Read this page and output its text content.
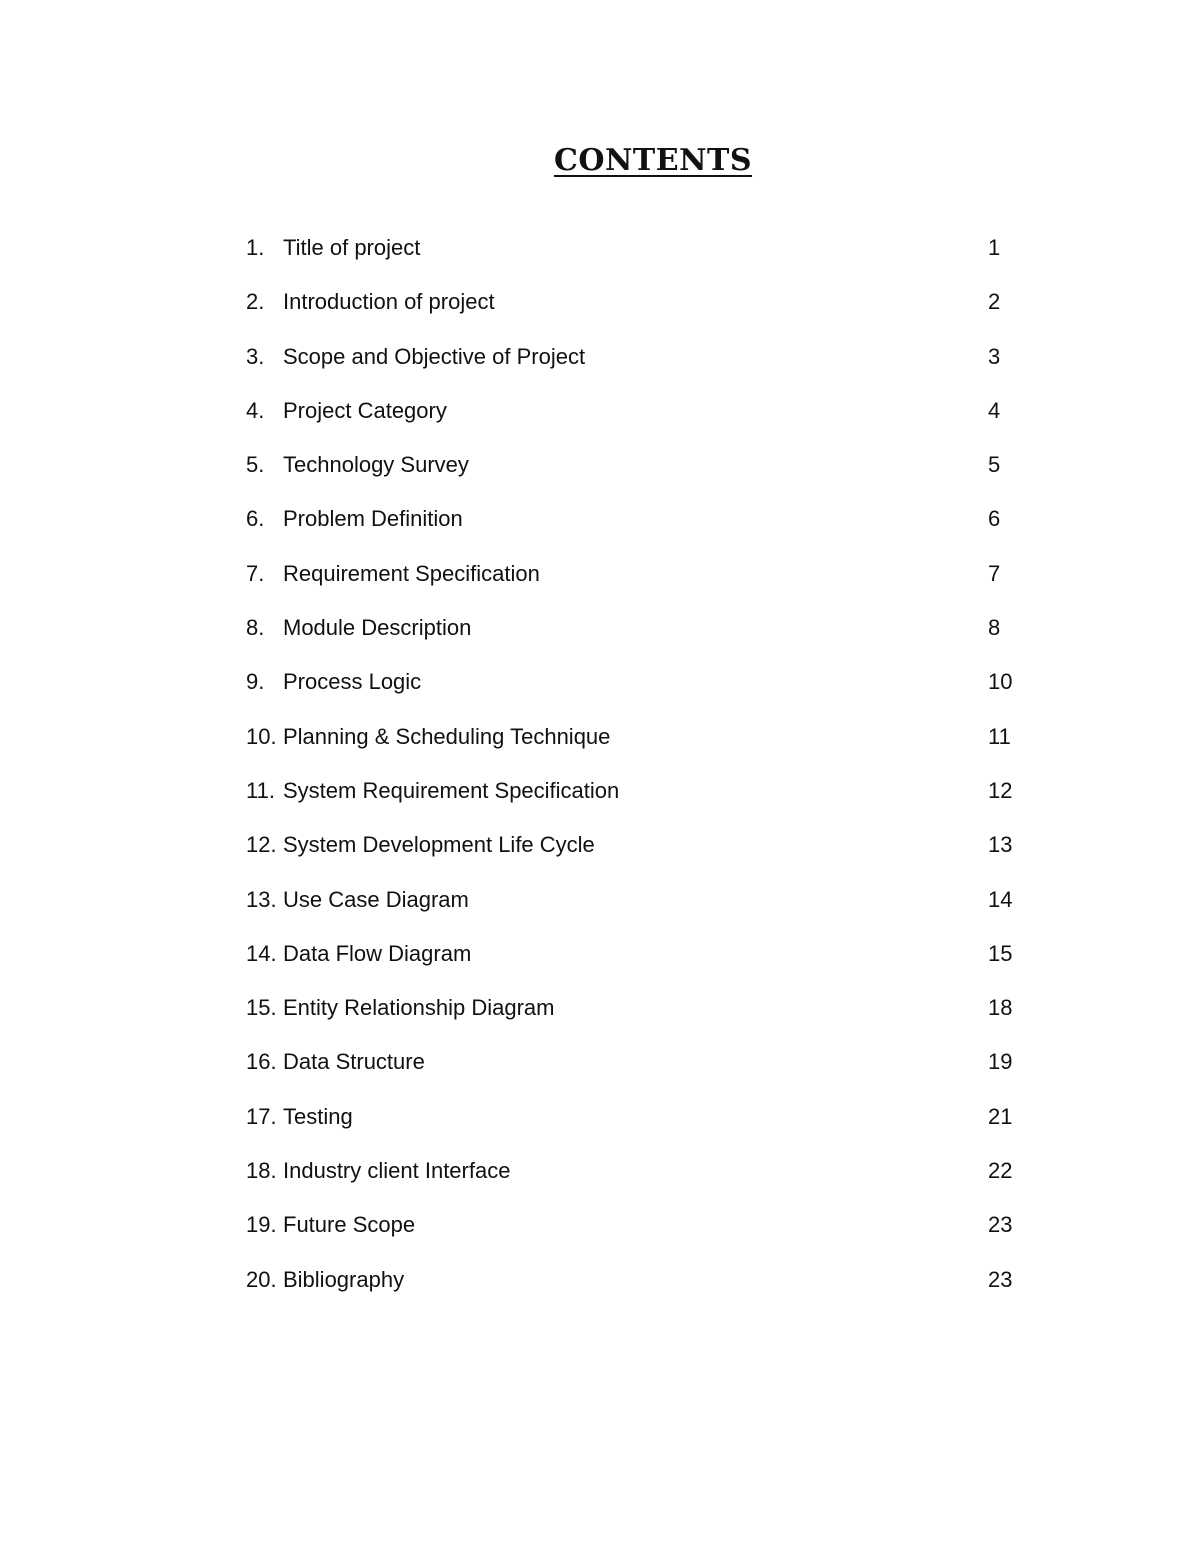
CONTENTS
1. Title of project	1
2. Introduction of project	2
3. Scope and Objective of Project	3
4. Project Category	4
5. Technology Survey	5
6. Problem Definition	6
7. Requirement Specification	7
8. Module Description	8
9. Process Logic	10
10. Planning & Scheduling Technique	11
11. System Requirement Specification	12
12. System Development Life Cycle	13
13. Use Case Diagram	14
14. Data Flow Diagram	15
15. Entity Relationship Diagram	18
16. Data Structure	19
17. Testing	21
18. Industry client Interface	22
19. Future Scope	23
20. Bibliography	23
